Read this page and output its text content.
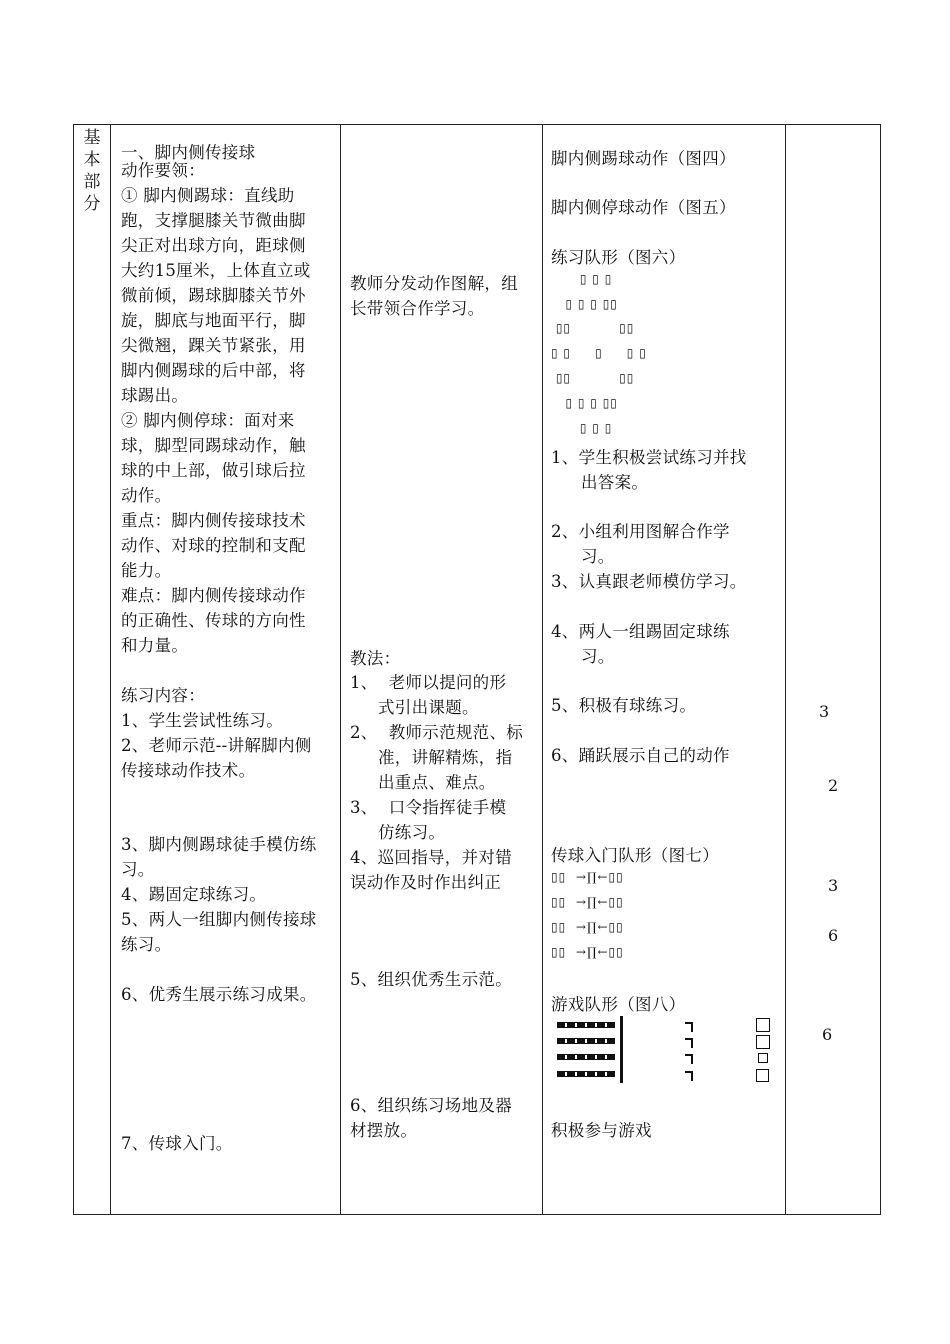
基
本
部
分
一、脚内侧传接球
动作要领：
① 脚内侧踢球：直线助
跑，支撑腿膝关节微曲脚
尖正对出球方向，距球侧
大约15厘米，上体直立或
微前倾，踢球脚膝关节外
旋，脚底与地面平行，脚
尖微翘，踝关节紧张，用
脚内侧踢球的后中部，将
球踢出。
② 脚内侧停球：面对来
球，脚型同踢球动作，触
球的中上部，做引球后拉
动作。
重点：脚内侧传接球技术
动作、对球的控制和支配
能力。
难点：脚内侧传接球动作
的正确性、传球的方向性
和力量。
练习内容：
1、学生尝试性练习。
2、老师示范--讲解脚内侧
传接球动作技术。
3、脚内侧踢球徒手模仿练
习。
4、踢固定球练习。
5、两人一组脚内侧传接球
练习。
6、优秀生展示练习成果。
7、传球入门。
教师分发动作图解，组
长带领合作学习。
教法：
1、  老师以提问的形
式引出课题。
2、  教师示范规范、标
准，讲解精炼，指
出重点、难点。
3、  口令指挥徒手模
仿练习。
4、巡回指导，并对错
误动作及时作出纠正
5、组织优秀生示范。
6、组织练习场地及器
材摆放。
脚内侧踢球动作（图四）
脚内侧停球动作（图五）
练习队形（图六）
▯ ▯ ▯
▯ ▯ ▯ ▯▯
▯▯          ▯▯
▯ ▯     ▯     ▯ ▯
▯▯          ▯▯
▯ ▯ ▯ ▯▯
▯ ▯ ▯
1、学生积极尝试练习并找
出答案。
2、小组利用图解合作学
习。
3、认真跟老师模仿学习。
4、两人一组踢固定球练
习。
5、积极有球练习。
6、踊跃展示自己的动作
传球入门队形（图七）
▯▯  →∏←▯▯
▯▯  →∏←▯▯
▯▯  →∏←▯▯
▯▯  →∏←▯▯
游戏队形（图八）
积极参与游戏
3
2
3
6
6
